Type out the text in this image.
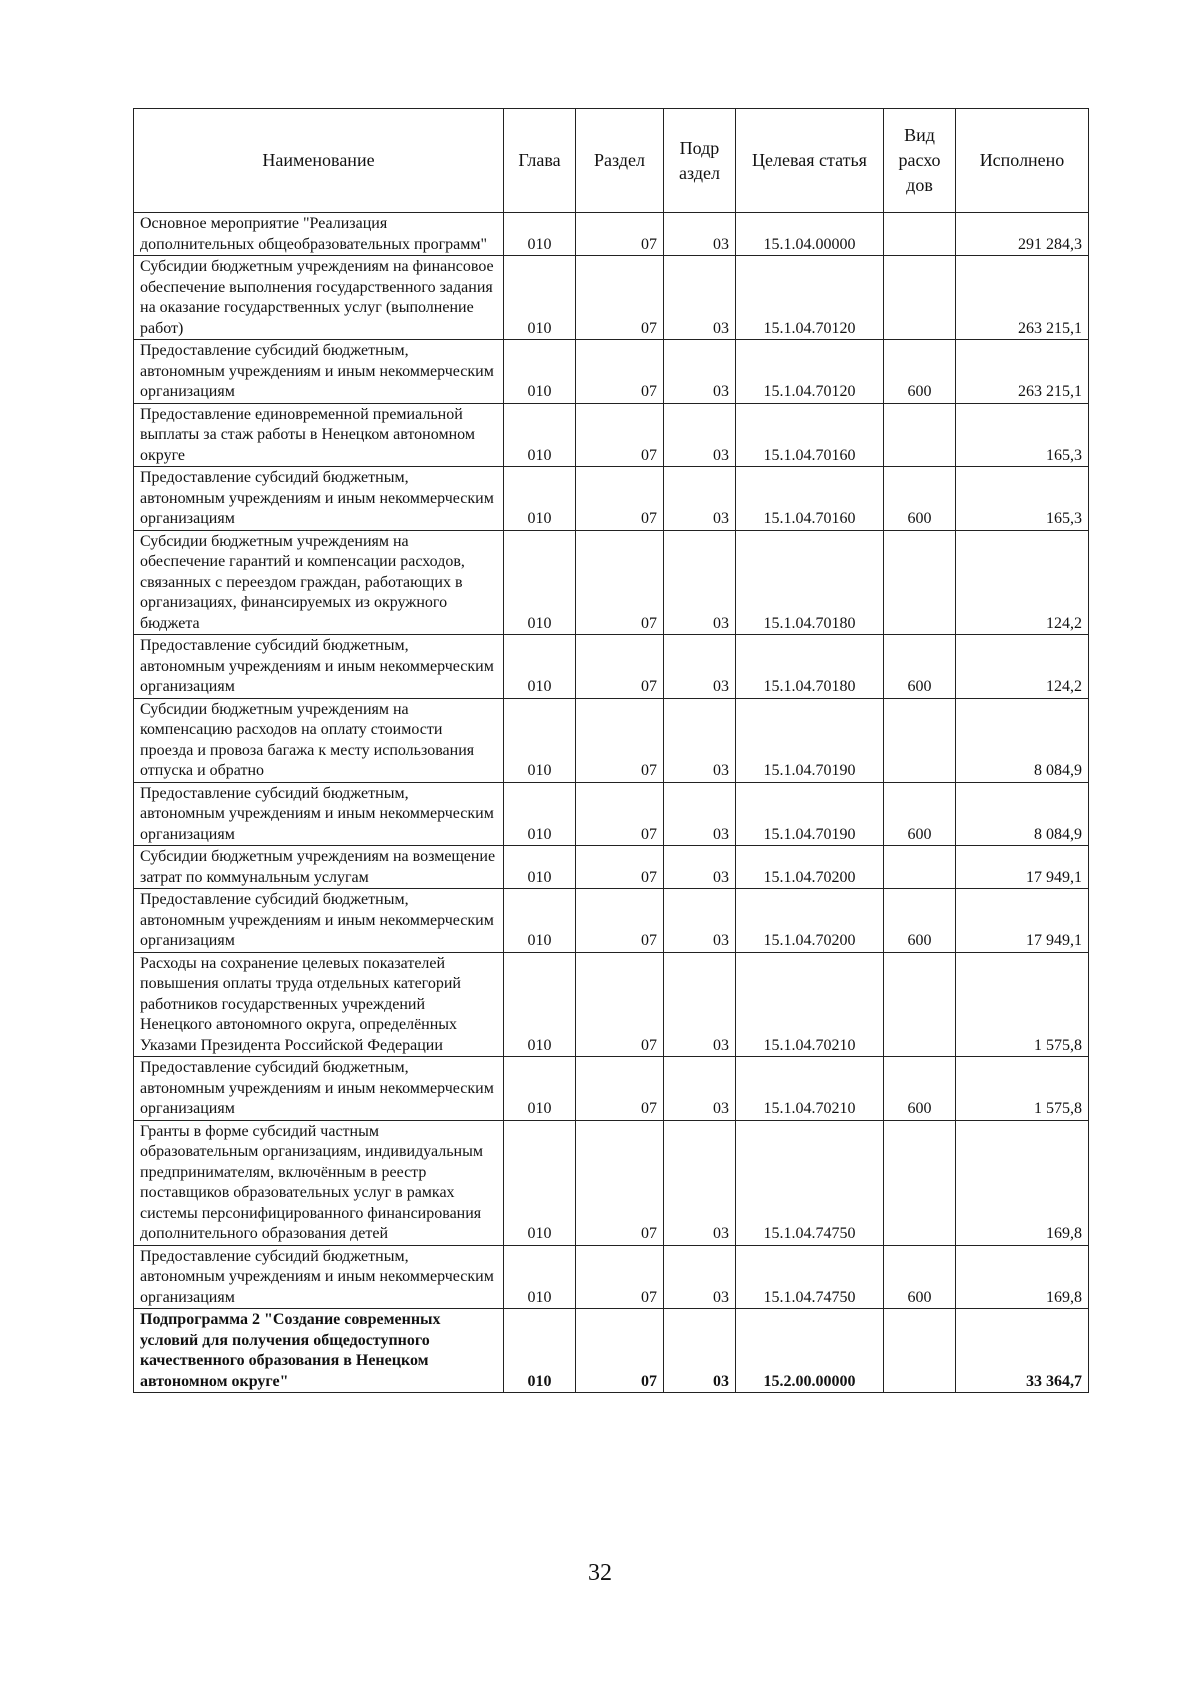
Наименование	Глава	Раздел	Подр аздел	Целевая статья	Вид расхо дов	Исполнено
Основное мероприятие "Реализация дополнительных общеобразовательных программ"	010	07	03	15.1.04.00000		291 284,3
Субсидии бюджетным учреждениям на финансовое обеспечение выполнения государственного задания на оказание государственных услуг (выполнение работ)	010	07	03	15.1.04.70120		263 215,1
Предоставление субсидий бюджетным, автономным учреждениям и иным некоммерческим организациям	010	07	03	15.1.04.70120	600	263 215,1
Предоставление единовременной премиальной выплаты за стаж работы в Ненецком автономном округе	010	07	03	15.1.04.70160		165,3
Предоставление субсидий бюджетным, автономным учреждениям и иным некоммерческим организациям	010	07	03	15.1.04.70160	600	165,3
Субсидии бюджетным учреждениям на обеспечение гарантий и компенсации расходов, связанных с переездом граждан, работающих в организациях, финансируемых из окружного бюджета	010	07	03	15.1.04.70180		124,2
Предоставление субсидий бюджетным, автономным учреждениям и иным некоммерческим организациям	010	07	03	15.1.04.70180	600	124,2
Субсидии бюджетным учреждениям на компенсацию расходов на оплату стоимости проезда и провоза багажа к месту использования отпуска и обратно	010	07	03	15.1.04.70190		8 084,9
Предоставление субсидий бюджетным, автономным учреждениям и иным некоммерческим организациям	010	07	03	15.1.04.70190	600	8 084,9
Субсидии бюджетным учреждениям на возмещение затрат по коммунальным услугам	010	07	03	15.1.04.70200		17 949,1
Предоставление субсидий бюджетным, автономным учреждениям и иным некоммерческим организациям	010	07	03	15.1.04.70200	600	17 949,1
Расходы на сохранение целевых показателей повышения оплаты труда отдельных категорий работников государственных учреждений Ненецкого автономного округа, определённых Указами Президента Российской Федерации	010	07	03	15.1.04.70210		1 575,8
Предоставление субсидий бюджетным, автономным учреждениям и иным некоммерческим организациям	010	07	03	15.1.04.70210	600	1 575,8
Гранты в форме субсидий частным образовательным организациям, индивидуальным предпринимателям, включённым в реестр поставщиков образовательных услуг в рамках системы персонифицированного финансирования дополнительного образования детей	010	07	03	15.1.04.74750		169,8
Предоставление субсидий бюджетным, автономным учреждениям и иным некоммерческим организациям	010	07	03	15.1.04.74750	600	169,8
Подпрограмма 2 "Создание современных условий для получения общедоступного качественного образования в Ненецком автономном округе"	010	07	03	15.2.00.00000		33 364,7
32
